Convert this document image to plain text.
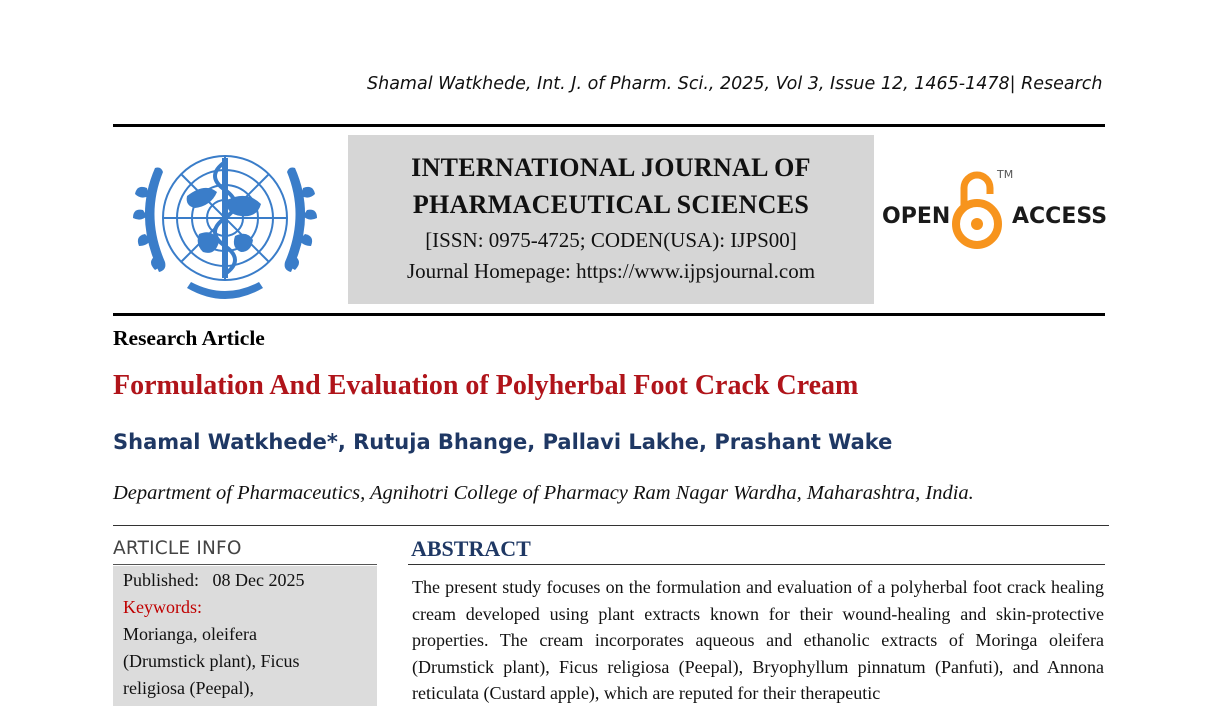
Shamal Watkhede, Int. J. of Pharm. Sci., 2025, Vol 3, Issue 12, 1465-1478| Research
INTERNATIONAL JOURNAL OF
PHARMACEUTICAL SCIENCES
[ISSN: 0975-4725; CODEN(USA): IJPS00]
Journal Homepage: https://www.ijpsjournal.com
OPEN
TM
ACCESS
Research Article
Formulation And Evaluation of Polyherbal Foot Crack Cream
Shamal Watkhede*, Rutuja Bhange, Pallavi Lakhe, Prashant Wake
Department of Pharmaceutics, Agnihotri College of Pharmacy Ram Nagar Wardha, Maharashtra, India.
ARTICLE INFO
Published: 08 Dec 2025
Keywords:
Morianga, oleifera
(Drumstick plant), Ficus
religiosa (Peepal),
ABSTRACT
The present study focuses on the formulation and evaluation of a polyherbal foot crack healing cream developed using plant extracts known for their wound-healing and skin-protective properties. The cream incorporates aqueous and ethanolic extracts of Moringa oleifera (Drumstick plant), Ficus religiosa (Peepal), Bryophyllum pinnatum (Panfuti), and Annona reticulata (Custard apple), which are reputed for their therapeutic
